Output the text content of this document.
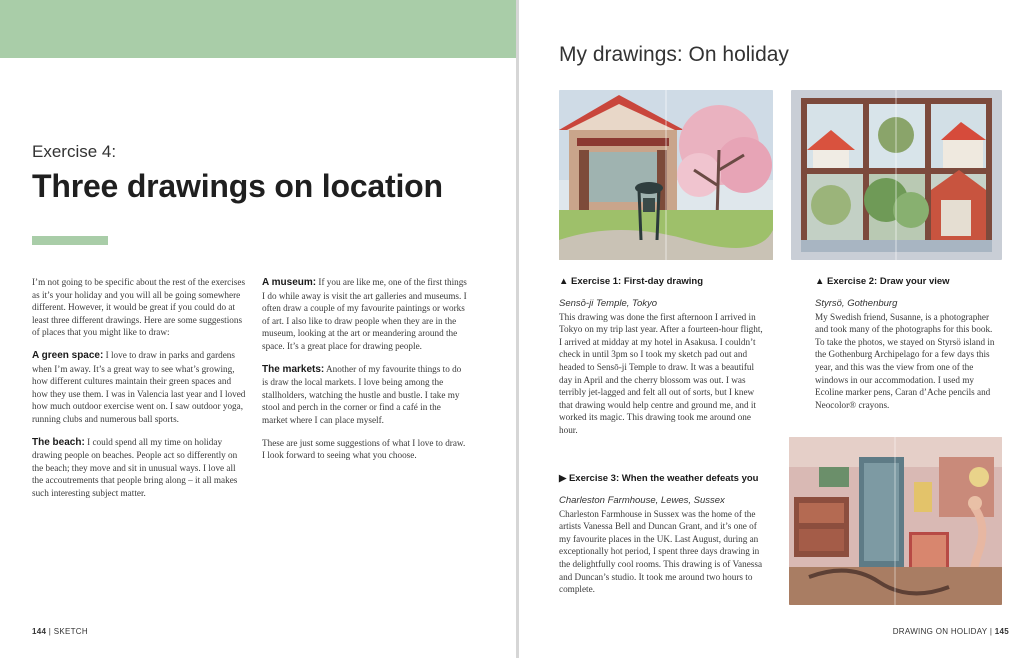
Exercise 4:
Three drawings on location

I’m not going to be specific about the rest of the exercises as it’s your holiday and you will all be going somewhere different. However, it would be great if you could do at least three different drawings. Here are some suggestions of places that you might like to draw:

A green space: I love to draw in parks and gardens when I’m away. It’s a great way to see what’s growing, how different cultures maintain their green spaces and how they use them. I was in Valencia last year and I loved how much outdoor exercise went on. I saw outdoor yoga, running clubs and numerous ball sports.

The beach: I could spend all my time on holiday drawing people on beaches. People act so differently on the beach; they move and sit in unusual ways. I love all the accoutrements that people bring along – it all makes such interesting subject matter.

A museum: If you are like me, one of the first things I do while away is visit the art galleries and museums. I often draw a couple of my favourite paintings or works of art. I also like to draw people when they are in the museum, looking at the art or meandering around the space. It’s a great place for drawing people.

The markets: Another of my favourite things to do is draw the local markets. I love being among the stallholders, watching the hustle and bustle. I take my stool and perch in the corner or find a café in the market where I can place myself.

These are just some suggestions of what I love to draw. I look forward to seeing what you choose.

144 | SKETCH
My drawings: On holiday
▲ Exercise 1: First-day drawing
Sensō-ji Temple, Tokyo
This drawing was done the first afternoon I arrived in Tokyo on my trip last year. After a fourteen-hour flight, I arrived at midday at my hotel in Asakusa. I couldn’t check in until 3pm so I took my sketch pad out and headed to Sensō-ji Temple to draw. It was a beautiful day in April and the cherry blossom was out. I was terribly jet-lagged and felt all out of sorts, but I knew that drawing would help centre and ground me, and it worked its magic. This drawing took me around one hour.
▲ Exercise 2: Draw your view
Styrsö, Gothenburg
My Swedish friend, Susanne, is a photographer and took many of the photographs for this book. To take the photos, we stayed on Styrsö island in the Gothenburg Archipelago for a few days this year, and this was the view from one of the windows in our accommodation. I used my Ecoline marker pens, Caran d’Ache pencils and Neocolor® crayons.
▶ Exercise 3: When the weather defeats you
Charleston Farmhouse, Lewes, Sussex
Charleston Farmhouse in Sussex was the home of the artists Vanessa Bell and Duncan Grant, and it’s one of my favourite places in the UK. Last August, during an exceptionally hot period, I spent three days drawing in the delightfully cool rooms. This drawing is of Vanessa and Duncan’s studio. It took me around two hours to complete.
DRAWING ON HOLIDAY | 145
